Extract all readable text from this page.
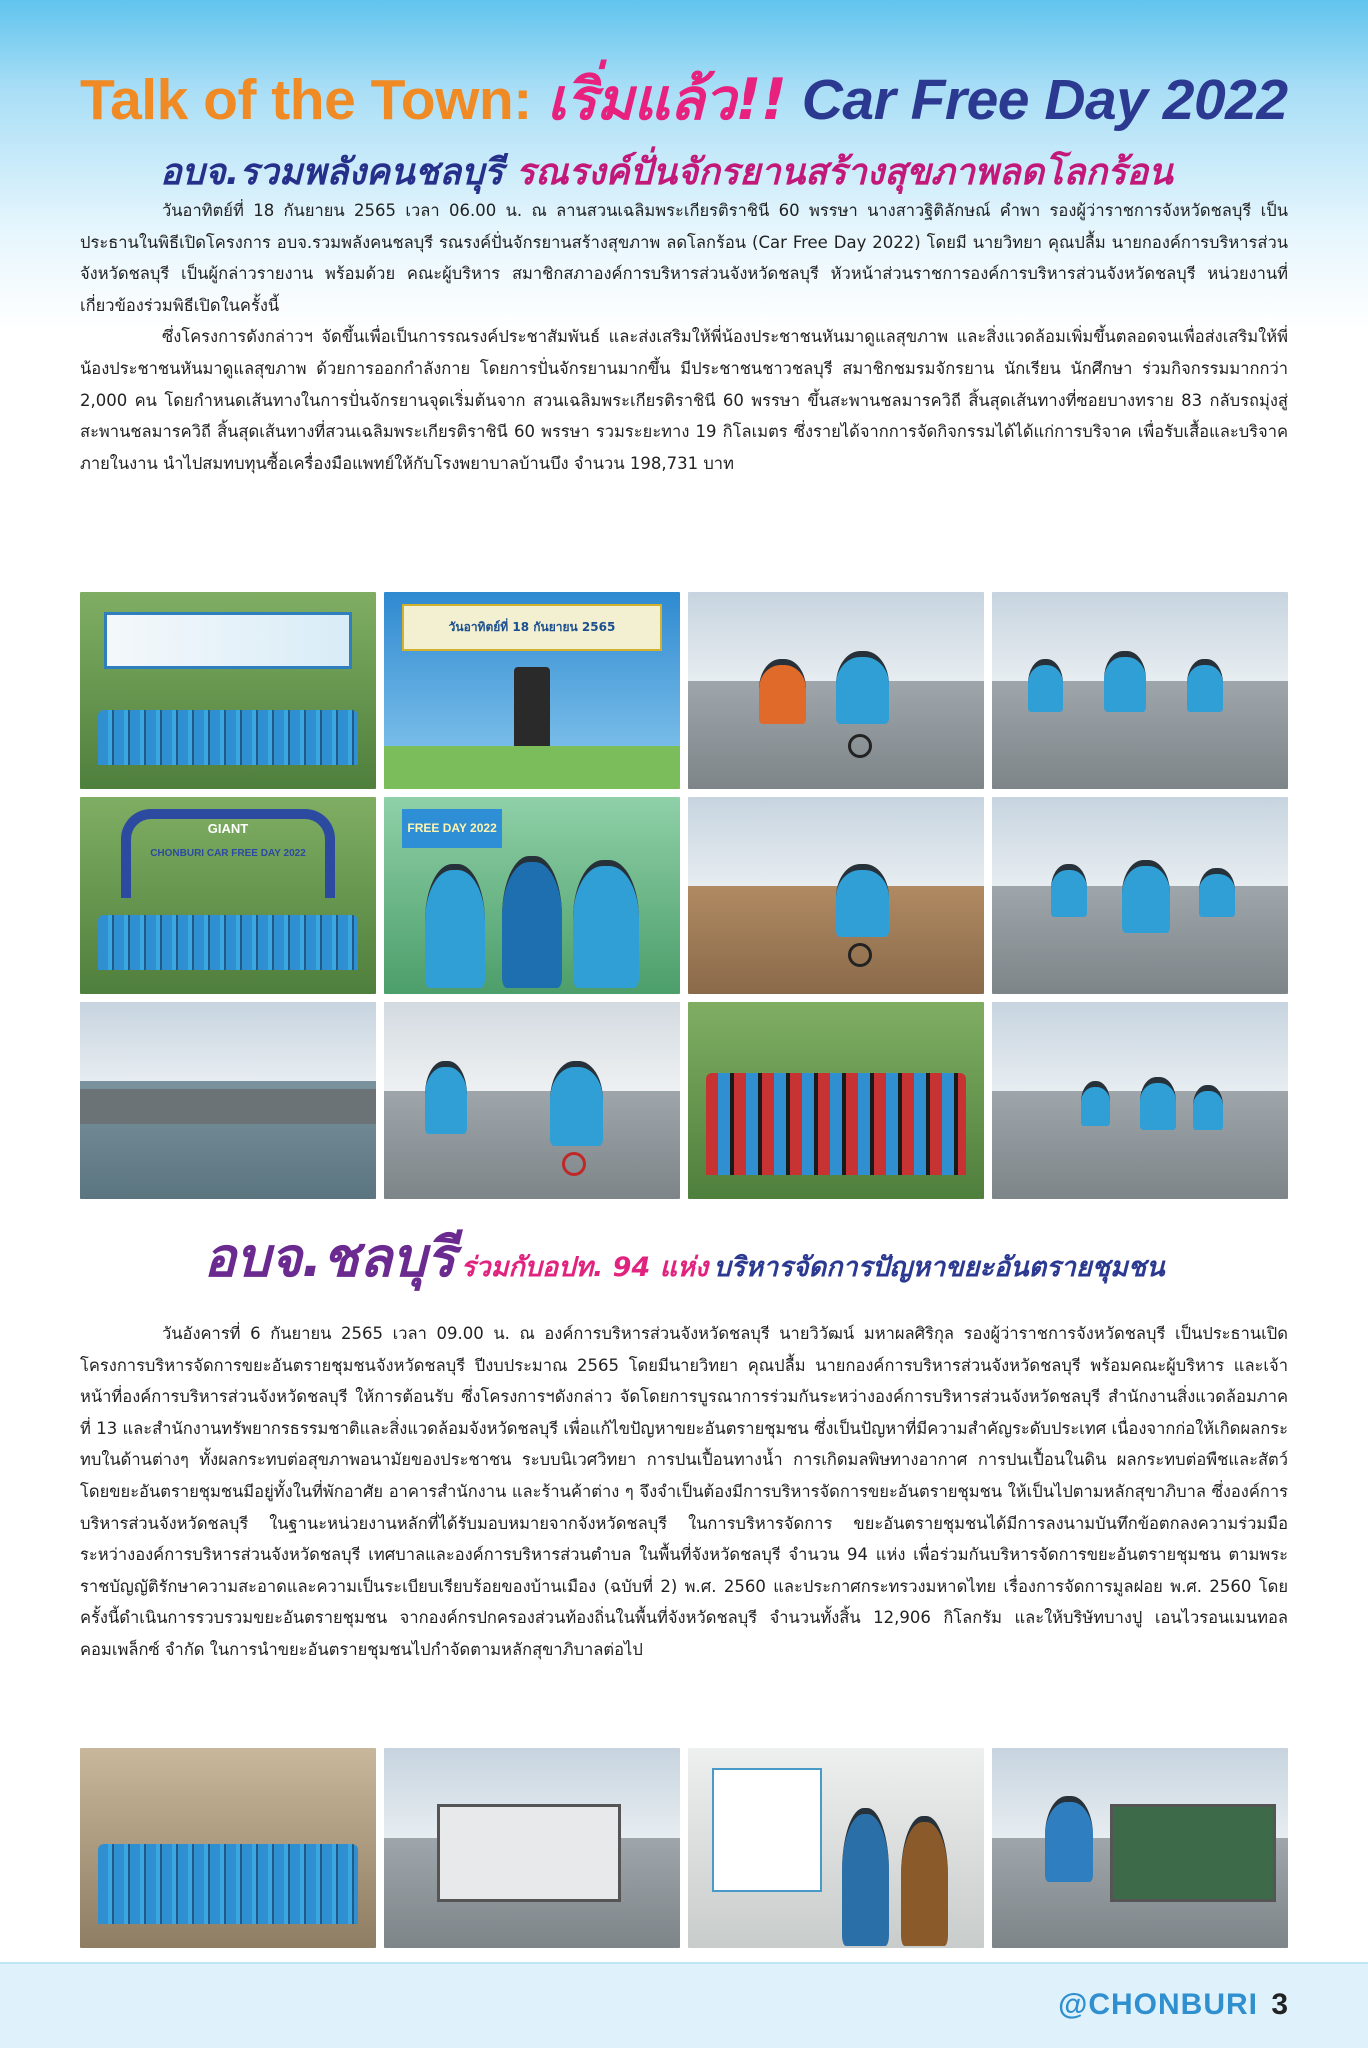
Talk of the Town: เริ่มแล้ว!! Car Free Day 2022
อบจ.รวมพลังคนชลบุรี รณรงค์ปั่นจักรยานสร้างสุขภาพลดโลกร้อน

วันอาทิตย์ที่ 18 กันยายน 2565 เวลา 06.00 น. ณ ลานสวนเฉลิมพระเกียรติราชินี 60 พรรษา นางสาวฐิติลักษณ์ คำพา รองผู้ว่าราชการจังหวัดชลบุรี เป็นประธานในพิธีเปิดโครงการ อบจ.รวมพลังคนชลบุรี รณรงค์ปั่นจักรยานสร้างสุขภาพ ลดโลกร้อน (Car Free Day 2022) โดยมี นายวิทยา คุณปลื้ม นายกองค์การบริหารส่วนจังหวัดชลบุรี เป็นผู้กล่าวรายงาน พร้อมด้วย คณะผู้บริหาร สมาชิกสภาองค์การบริหารส่วนจังหวัดชลบุรี หัวหน้าส่วนราชการองค์การบริหารส่วนจังหวัดชลบุรี หน่วยงานที่เกี่ยวข้องร่วมพิธีเปิดในครั้งนี้

ซึ่งโครงการดังกล่าวฯ จัดขึ้นเพื่อเป็นการรณรงค์ประชาสัมพันธ์ และส่งเสริมให้พี่น้องประชาชนหันมาดูแลสุขภาพ และสิ่งแวดล้อมเพิ่มขึ้นตลอดจนเพื่อส่งเสริมให้พี่น้องประชาชนหันมาดูแลสุขภาพ ด้วยการออกกำลังกาย โดยการปั่นจักรยานมากขึ้น มีประชาชนชาวชลบุรี สมาชิกชมรมจักรยาน นักเรียน นักศึกษา ร่วมกิจกรรมมากกว่า 2,000 คน โดยกำหนดเส้นทางในการปั่นจักรยานจุดเริ่มต้นจาก สวนเฉลิมพระเกียรติราชินี 60 พรรษา ขึ้นสะพานชลมารควิถี สิ้นสุดเส้นทางที่ซอยบางทราย 83 กลับรถมุ่งสู่สะพานชลมารควิถี สิ้นสุดเส้นทางที่สวนเฉลิมพระเกียรติราชินี 60 พรรษา รวมระยะทาง 19 กิโลเมตร ซึ่งรายได้จากการจัดกิจกรรมได้ได้แก่การบริจาค เพื่อรับเสื้อและบริจาคภายในงาน นำไปสมทบทุนซื้อเครื่องมือแพทย์ให้กับโรงพยาบาลบ้านบึง จำนวน 198,731 บาท

วันอาทิตย์ที่ 18 กันยายน 2565
GIANT
CHONBURI CAR FREE DAY 2022
FREE DAY 2022
อบจ.ชลบุรี ร่วมกับอปท. 94 แห่ง บริหารจัดการปัญหาขยะอันตรายชุมชน

วันอังคารที่ 6 กันยายน 2565 เวลา 09.00 น. ณ องค์การบริหารส่วนจังหวัดชลบุรี นายวิวัฒน์ มหาผลศิริกุล รองผู้ว่าราชการจังหวัดชลบุรี เป็นประธานเปิดโครงการบริหารจัดการขยะอันตรายชุมชนจังหวัดชลบุรี ปีงบประมาณ 2565 โดยมีนายวิทยา คุณปลื้ม นายกองค์การบริหารส่วนจังหวัดชลบุรี พร้อมคณะผู้บริหาร และเจ้าหน้าที่องค์การบริหารส่วนจังหวัดชลบุรี ให้การต้อนรับ ซึ่งโครงการฯดังกล่าว จัดโดยการบูรณาการร่วมกันระหว่างองค์การบริหารส่วนจังหวัดชลบุรี สำนักงานสิ่งแวดล้อมภาคที่ 13 และสำนักงานทรัพยากรธรรมชาติและสิ่งแวดล้อมจังหวัดชลบุรี เพื่อแก้ไขปัญหาขยะอันตรายชุมชน ซึ่งเป็นปัญหาที่มีความสำคัญระดับประเทศ เนื่องจากก่อให้เกิดผลกระทบในด้านต่างๆ ทั้งผลกระทบต่อสุขภาพอนามัยของประชาชน ระบบนิเวศวิทยา การปนเปื้อนทางน้ำ การเกิดมลพิษทางอากาศ การปนเปื้อนในดิน ผลกระทบต่อพืชและสัตว์ โดยขยะอันตรายชุมชนมีอยู่ทั้งในที่พักอาศัย อาคารสำนักงาน และร้านค้าต่าง ๆ จึงจำเป็นต้องมีการบริหารจัดการขยะอันตรายชุมชน ให้เป็นไปตามหลักสุขาภิบาล ซึ่งองค์การบริหารส่วนจังหวัดชลบุรี ในฐานะหน่วยงานหลักที่ได้รับมอบหมายจากจังหวัดชลบุรี ในการบริหารจัดการ ขยะอันตรายชุมชนได้มีการลงนามบันทึกข้อตกลงความร่วมมือ ระหว่างองค์การบริหารส่วนจังหวัดชลบุรี เทศบาลและองค์การบริหารส่วนตำบล ในพื้นที่จังหวัดชลบุรี จำนวน 94 แห่ง เพื่อร่วมกันบริหารจัดการขยะอันตรายชุมชน ตามพระราชบัญญัติรักษาความสะอาดและความเป็นระเบียบเรียบร้อยของบ้านเมือง (ฉบับที่ 2) พ.ศ. 2560 และประกาศกระทรวงมหาดไทย เรื่องการจัดการมูลฝอย พ.ศ. 2560 โดยครั้งนี้ดำเนินการรวบรวมขยะอันตรายชุมชน จากองค์กรปกครองส่วนท้องถิ่นในพื้นที่จังหวัดชลบุรี จำนวนทั้งสิ้น 12,906 กิโลกรัม และให้บริษัทบางปู เอนไวรอนเมนทอล คอมเพล็กซ์ จำกัด ในการนำขยะอันตรายชุมชนไปกำจัดตามหลักสุขาภิบาลต่อไป

@CHONBURI 3
